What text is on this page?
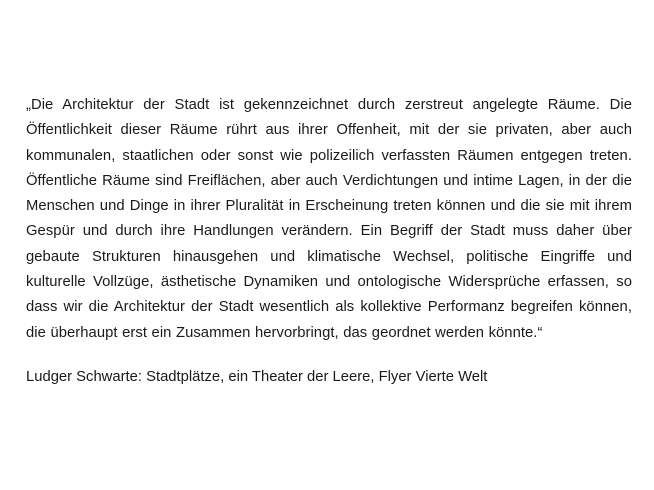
„Die Architektur der Stadt ist gekennzeichnet durch zerstreut angelegte Räume. Die Öffentlichkeit dieser Räume rührt aus ihrer Offenheit, mit der sie privaten, aber auch kommunalen, staatlichen oder sonst wie polizeilich verfassten Räumen entgegen treten. Öffentliche Räume sind Freiflächen, aber auch Verdichtungen und intime Lagen, in der die Menschen und Dinge in ihrer Pluralität in Erscheinung treten können und die sie mit ihrem Gespür und durch ihre Handlungen verändern. Ein Begriff der Stadt muss daher über gebaute Strukturen hinausgehen und klimatische Wechsel, politische Eingriffe und kulturelle Vollzüge, ästhetische Dynamiken und ontologische Widersprüche erfassen, so dass wir die Architektur der Stadt wesentlich als kollektive Performanz begreifen können, die überhaupt erst ein Zusammen hervorbringt, das geordnet werden könnte.“

Ludger Schwarte: Stadtplätze, ein Theater der Leere, Flyer Vierte Welt
